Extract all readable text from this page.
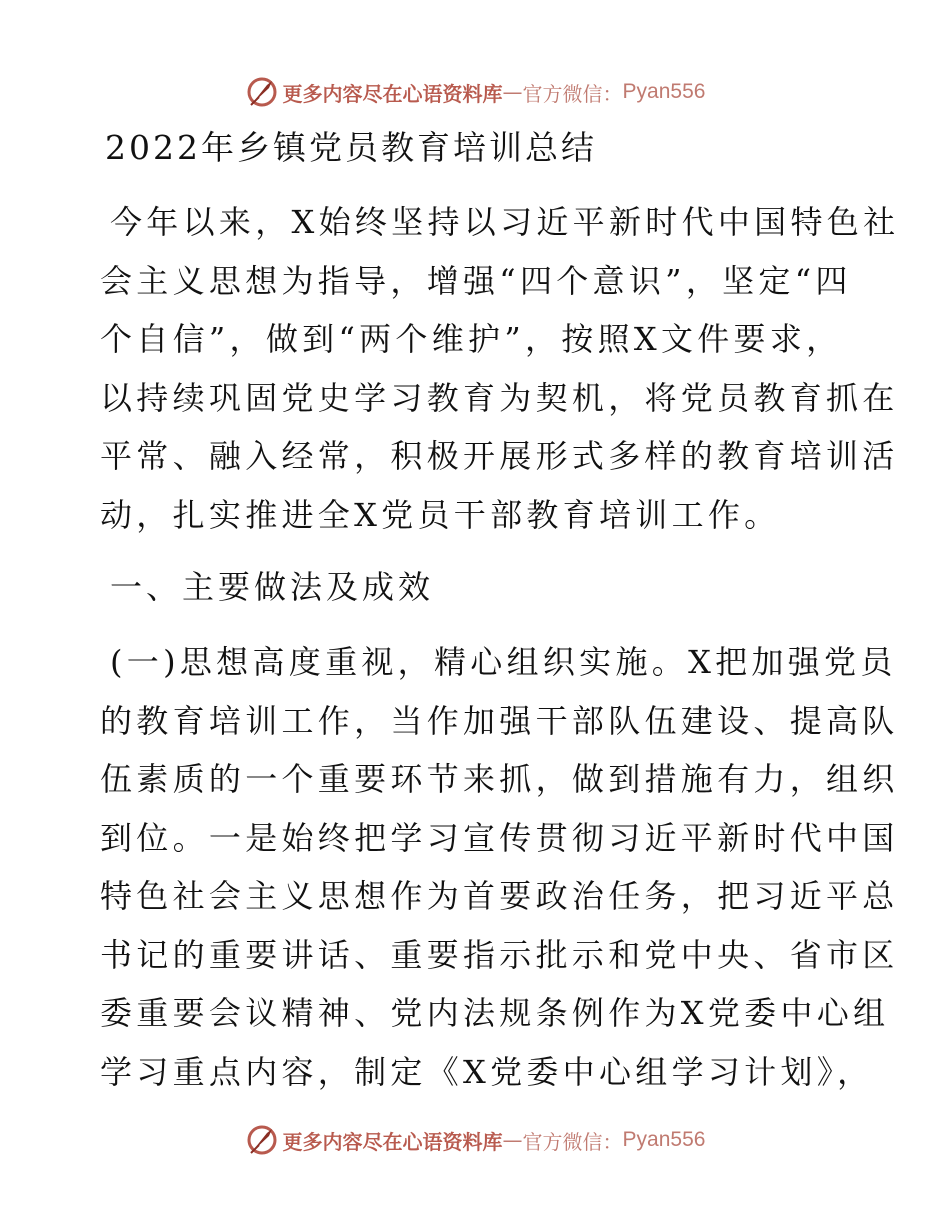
更多内容尽在心语资料库 — 官方微信： Pyan556
2022年乡镇党员教育培训总结
今年以来，X始终坚持以习近平新时代中国特色社
会主义思想为指导，增强“四个意识”，坚定“四
个自信”，做到“两个维护”，按照X文件要求，
以持续巩固党史学习教育为契机，将党员教育抓在
平常、融入经常，积极开展形式多样的教育培训活
动，扎实推进全X党员干部教育培训工作。
一、主要做法及成效
(一)思想高度重视，精心组织实施。X把加强党员
的教育培训工作，当作加强干部队伍建设、提高队
伍素质的一个重要环节来抓，做到措施有力，组织
到位。一是始终把学习宣传贯彻习近平新时代中国
特色社会主义思想作为首要政治任务，把习近平总
书记的重要讲话、重要指示批示和党中央、省市区
委重要会议精神、党内法规条例作为X党委中心组
学习重点内容，制定《X党委中心组学习计划》，
更多内容尽在心语资料库 — 官方微信： Pyan556
